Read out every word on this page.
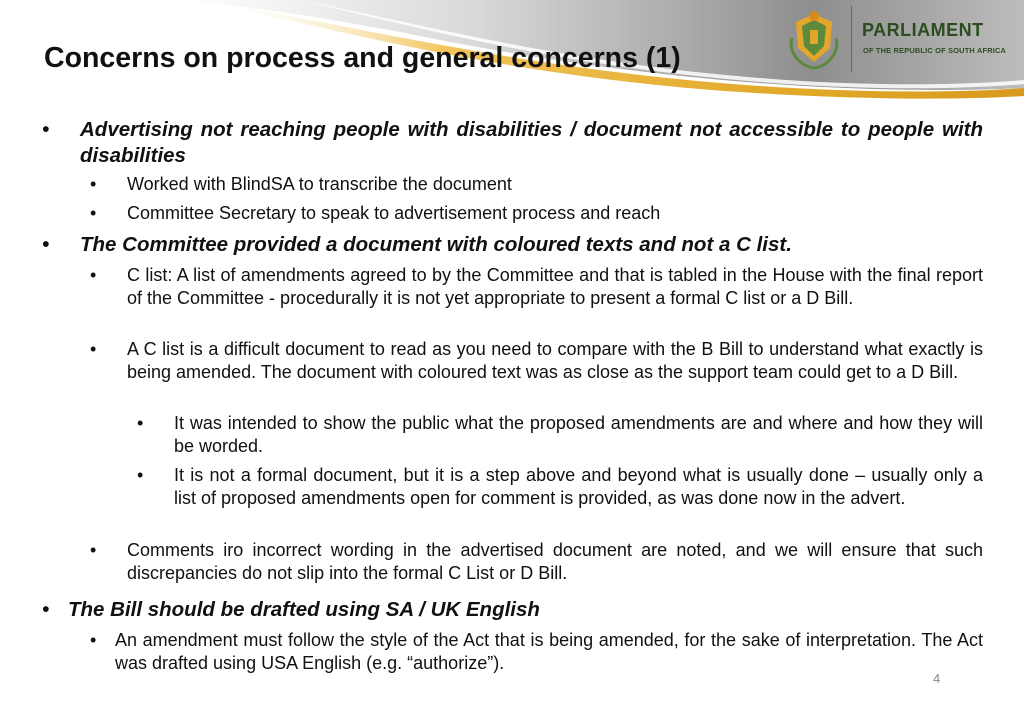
PARLIAMENT
OF THE REPUBLIC OF SOUTH AFRICA
Concerns on process and general concerns (1)
• Advertising not reaching people with disabilities / document not accessible to people with disabilities
• Worked with BlindSA to transcribe the document
• Committee Secretary to speak to advertisement process and reach
• The Committee provided a document with coloured texts and not a C list.
• C list: A list of amendments agreed to by the Committee and that is tabled in the House with the final report of the Committee - procedurally it is not yet appropriate to present a formal C list or a D Bill.
• A C list is a difficult document to read as you need to compare with the B Bill to understand what exactly is being amended. The document with coloured text was as close as the support team could get to a D Bill.
• It was intended to show the public what the proposed amendments are and where and how they will be worded.
• It is not a formal document, but it is a step above and beyond what is usually done – usually only a list of proposed amendments open for comment is provided, as was done now in the advert.
• Comments iro incorrect wording in the advertised document are noted, and we will ensure that such discrepancies do not slip into the formal C List or D Bill.
• The Bill should be drafted using SA / UK English
• An amendment must follow the style of the Act that is being amended, for the sake of interpretation. The Act was drafted using USA English (e.g. “authorize”).
4
